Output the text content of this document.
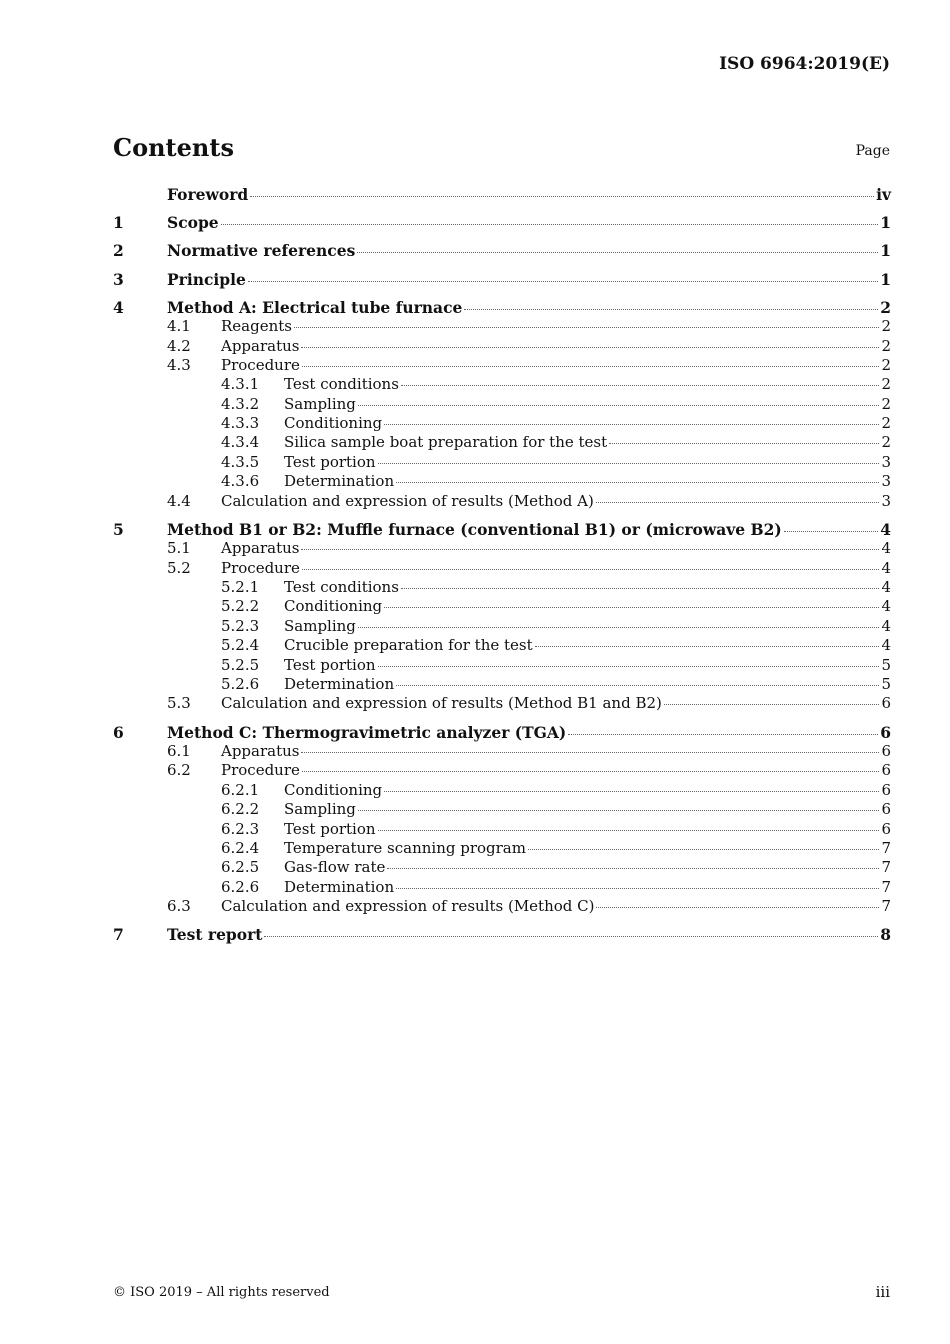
ISO 6964:2019(E)
Contents	Page
Foreword	iv
1	Scope	1
2	Normative references	1
3	Principle	1
4	Method A: Electrical tube furnace	2
4.1	Reagents	2
4.2	Apparatus	2
4.3	Procedure	2
4.3.1	Test conditions	2
4.3.2	Sampling	2
4.3.3	Conditioning	2
4.3.4	Silica sample boat preparation for the test	2
4.3.5	Test portion	3
4.3.6	Determination	3
4.4	Calculation and expression of results (Method A)	3
5	Method B1 or B2: Muffle furnace (conventional B1) or (microwave B2)	4
5.1	Apparatus	4
5.2	Procedure	4
5.2.1	Test conditions	4
5.2.2	Conditioning	4
5.2.3	Sampling	4
5.2.4	Crucible preparation for the test	4
5.2.5	Test portion	5
5.2.6	Determination	5
5.3	Calculation and expression of results (Method B1 and B2)	6
6	Method C: Thermogravimetric analyzer (TGA)	6
6.1	Apparatus	6
6.2	Procedure	6
6.2.1	Conditioning	6
6.2.2	Sampling	6
6.2.3	Test portion	6
6.2.4	Temperature scanning program	7
6.2.5	Gas-flow rate	7
6.2.6	Determination	7
6.3	Calculation and expression of results (Method C)	7
7	Test report	8
© ISO 2019 – All rights reserved	iii
